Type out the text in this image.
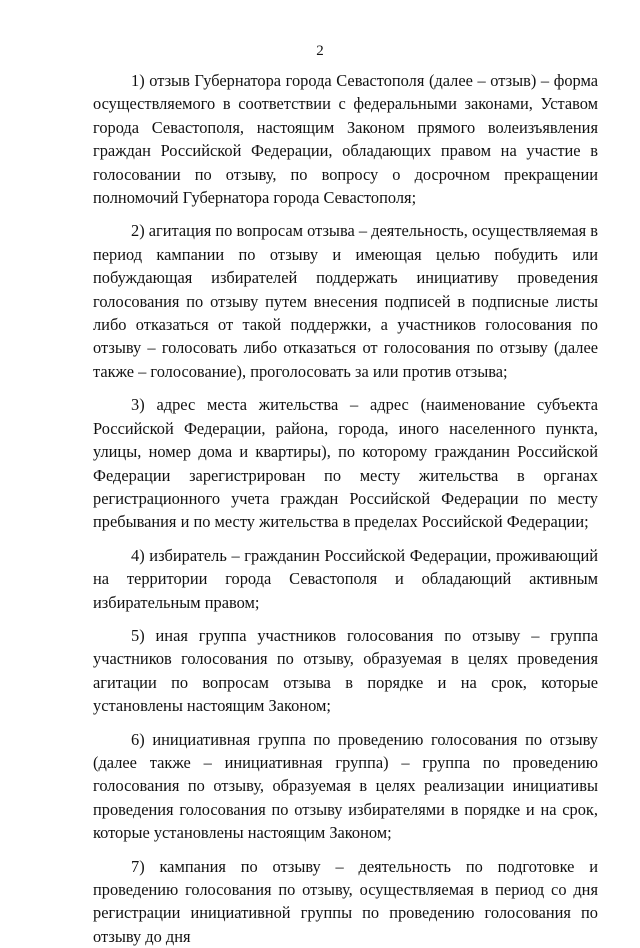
2

1) отзыв Губернатора города Севастополя (далее – отзыв) – форма осуществляемого в соответствии с федеральными законами, Уставом города Севастополя, настоящим Законом прямого волеизъявления граждан Российской Федерации, обладающих правом на участие в голосовании по отзыву, по вопросу о досрочном прекращении полномочий Губернатора города Севастополя;

2) агитация по вопросам отзыва – деятельность, осуществляемая в период кампании по отзыву и имеющая целью побудить или побуждающая избирателей поддержать инициативу проведения голосования по отзыву путем внесения подписей в подписные листы либо отказаться от такой поддержки, а участников голосования по отзыву – голосовать либо отказаться от голосования по отзыву (далее также – голосование), проголосовать за или против отзыва;

3) адрес места жительства – адрес (наименование субъекта Российской Федерации, района, города, иного населенного пункта, улицы, номер дома и квартиры), по которому гражданин Российской Федерации зарегистрирован по месту жительства в органах регистрационного учета граждан Российской Федерации по месту пребывания и по месту жительства в пределах Российской Федерации;

4) избиратель – гражданин Российской Федерации, проживающий на территории города Севастополя и обладающий активным избирательным правом;

5) иная группа участников голосования по отзыву – группа участников голосования по отзыву, образуемая в целях проведения агитации по вопросам отзыва в порядке и на срок, которые установлены настоящим Законом;

6) инициативная группа по проведению голосования по отзыву (далее также – инициативная группа) – группа по проведению голосования по отзыву, образуемая в целях реализации инициативы проведения голосования по отзыву избирателями в порядке и на срок, которые установлены настоящим Законом;

7) кампания по отзыву – деятельность по подготовке и проведению голосования по отзыву, осуществляемая в период со дня регистрации инициативной группы по проведению голосования по отзыву до дня
